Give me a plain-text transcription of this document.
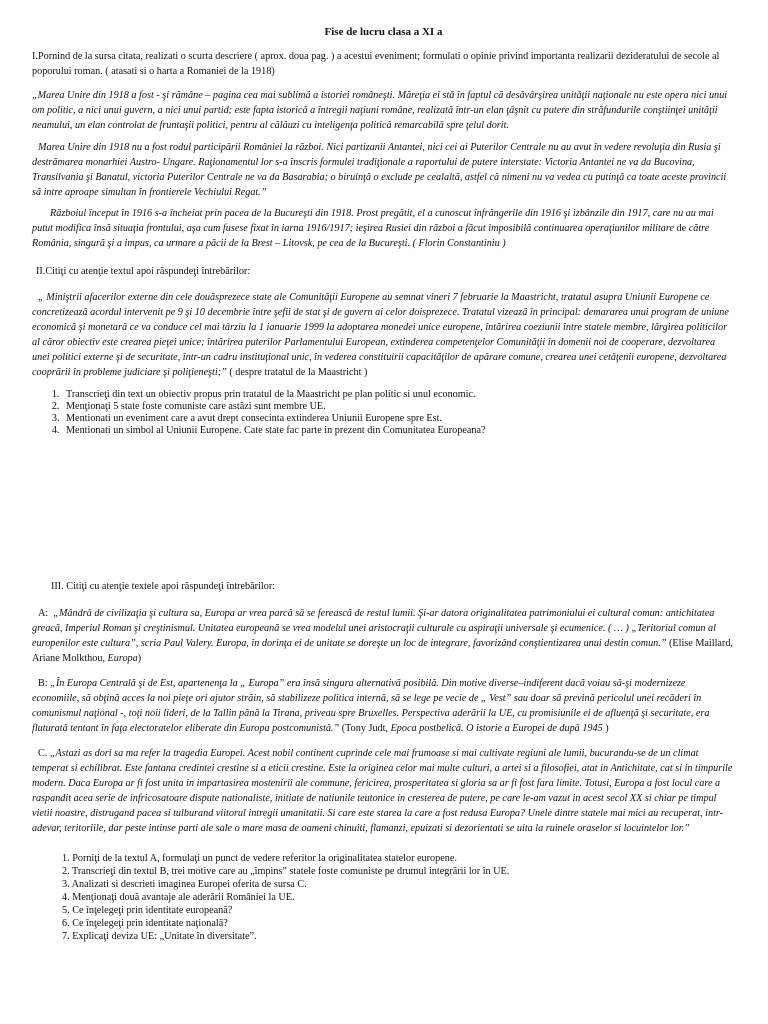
Fise de lucru clasa a XI a

I.Pornind de la sursa citata, realizati o scurta descriere ( aprox. doua pag. ) a acestui eveniment; formulati o opinie privind importanta realizarii dezideratului de secole al poporului roman. ( atasati si o harta a Romaniei de la 1918)

„Marea Unire din 1918 a fost - şi rămâne – pagina cea mai sublimă a istoriei româneşti. Măreţia ei stă în faptul că desăvârşirea unităţii naţionale nu este opera nici unui om politic, a nici unui guvern, a nici unui partid; este fapta istorică a întregii naţiuni române, realizată într-un elan ţâşnit cu putere din străfundurile conştiinţei unităţii neamului, un elan controlat de fruntaşii politici, pentru al călăuzi cu inteligenţa politică remarcabilă spre ţelul dorit.

Marea Unire din 1918 nu a fost rodul participării României la război. Nici partizanii Antantei, nici cei ai Puterilor Centrale nu au avut în vedere revoluţia din Rusia şi destrămarea monarhiei Austro- Ungare. Raţionamentul lor s-a înscris formulei tradiţionale a raportului de putere interstate: Victoria Antantei ne va da Bucovina, Transilvania şi Banatul, victoria Puterilor Centrale ne va da Basarabia; o biruinţă o exclude pe cealaltă, astfel că nimeni nu va vedea cu putinţă ca toate aceste provincii să intre aproape simultan în frontierele Vechiului Regat.”

Războiul început în 1916 s-a încheiat prin pacea de la Bucureşti din 1918. Prost pregătit, el a cunoscut înfrângerile din 1916 şi izbânzile din 1917, care nu au mai putut modifica însă situaţia frontului, aşa cum fusese fixat în iarna 1916/1917; ieşirea Rusiei din război a făcut imposibilă continuarea operaţiunilor militare de către România, singură şi a impus, ca urmare a păcii de la Brest – Litovsk, pe cea de la Bucureşti. ( Florin Constantiniu )

II.Citiţi cu atenţie textul apoi răspundeţi întrebărilor:

„ Miniştrii afacerilor externe din cele douăsprezece state ale Comunităţii Europene au semnat vineri 7 februarie la Maastricht, tratatul asupra Uniunii Europene ce concretizează acordul intervenit pe 9 şi 10 decembrie între şefii de stat şi de guvern ai celor doisprezece. Tratatul vizează în principal: demararea unui program de uniune economică şi monetară ce va conduce cel mai târziu la 1 ianuarie 1999 la adoptarea monedei unice europene, întărirea coeziunii între statele membre, lărgirea politicilor al căror obiectiv este crearea pieţei unice; întărirea puterilor Parlamentului European, extinderea competenţelor Comunităţii în domenii noi de cooperare, dezvoltarea unei politici externe şi de securitate, într-un cadru instituţional unic, în vederea constituirii capacităţilor de apărare comune, crearea unei cetăţenii europene, dezvoltarea cooprării în probleme judiciare şi poliţieneşti;” ( despre tratatul de la Maastricht )

1. Transcrieţi din text un obiectiv propus prin tratatul de la Maastricht pe plan politic si unul economic.
2. Menţionaţi 5 state foste comuniste care astăzi sunt membre UE.
3. Mentionati un eveniment care a avut drept consecinta extinderea Uniunii Europene spre Est.
4. Mentionati un simbol al Uniunii Europene. Cate state fac parte in prezent din Comunitatea Europeana?

III. Citiţi cu atenţie textele apoi răspundeţi întrebărilor:

A: „Mândră de civilizaţia şi cultura sa, Europa ar vrea parcă să se ferească de restul lumii. Şi-ar datora originalitatea patrimoniului ei cultural comun: antichitatea greacă, Imperiul Roman şi creştinismul. Unitatea europeană se vrea modelul unei aristocraţii culturale cu aspiraţii universale şi ecumenice. ( … ) „Teritoriul comun al europenilor este cultura”, scria Paul Valery. Europa, în dorinţa ei de unitate se doreşte un loc de integrare, favorizând conştientizarea unui destin comun.” (Elise Maillard, Ariane Molkthou, Europa)

B: „În Europa Centrală şi de Est, apartenenţa la „ Europa” era însă singura alternativă posibilă. Din motive diverse–indiferent dacă voiau să-şi modernizeze economiile, să obţină acces la noi pieţe ori ajutor străin, să stabilizeze politica internă, să se lege pe vecie de „ Vest” sau doar să prevină pericolul unei recăderi în comunismul naţional -, toţi noii lideri, de la Tallin până la Tirana, priveau spre Bruxelles. Perspectiva aderării la UE, cu promisiunile ei de afluenţă şi securitate, era fluturată tentant în faţa electoratelor eliberate din Europa postcomunistă.” (Tony Judt, Epoca postbelică. O istorie a Europei de după 1945 )

C. „Astazi as dori sa ma refer la tragedia Europei. Acest nobil continent cuprinde cele mai frumoase si mai cultivate regiuni ale lumii, bucurandu-se de un climat temperat si echilibrat. Este fantana credintei crestine si a eticii crestine. Este la originea celor mai multe culturi, a artei si a filosofiei, atat in Antichitate, cat si in timpurile modern. Daca Europa ar fi fost unita in impartasirea mostenirii ale commune, fericirea, prosperitatea si gloria sa ar fi fost fara limite. Totusi, Europa a fost locul care a raspandit acea serie de infricosatoare dispute nationaliste, initiate de natiunile teutonice in cresterea de putere, pe care le-am vazut in acest secol XX si chiar pe timpul vietii noastre, distrugand pacea si tulburand viitorul intregii umanitatii. Si care este starea la care a fost redusa Europa? Unele dintre statele mai mici au recuperat, intr-adevar, teritoriile, dar peste intinse parti ale sale o mare masa de oameni chinuiti, flamanzi, epuizati si dezorientati se uita la ruinele oraselor si locuintelor lor.”

1. Porniţi de la textul A, formulaţi un punct de vedere referitor la originalitatea statelor europene.
2. Transcrieţi din textul B, trei motive care au „împins” statele foste comuniste pe drumul integrării lor în UE.
3. Analizati si descrieti imaginea Europei oferita de sursa C.
4. Menţionaţi două avantaje ale aderării României la UE.
5. Ce înţelegeţi prin identitate europeană?
6. Ce înţelegeţi prin identitate naţională?
7. Explicaţi deviza UE: „Unitate în diversitate”.
